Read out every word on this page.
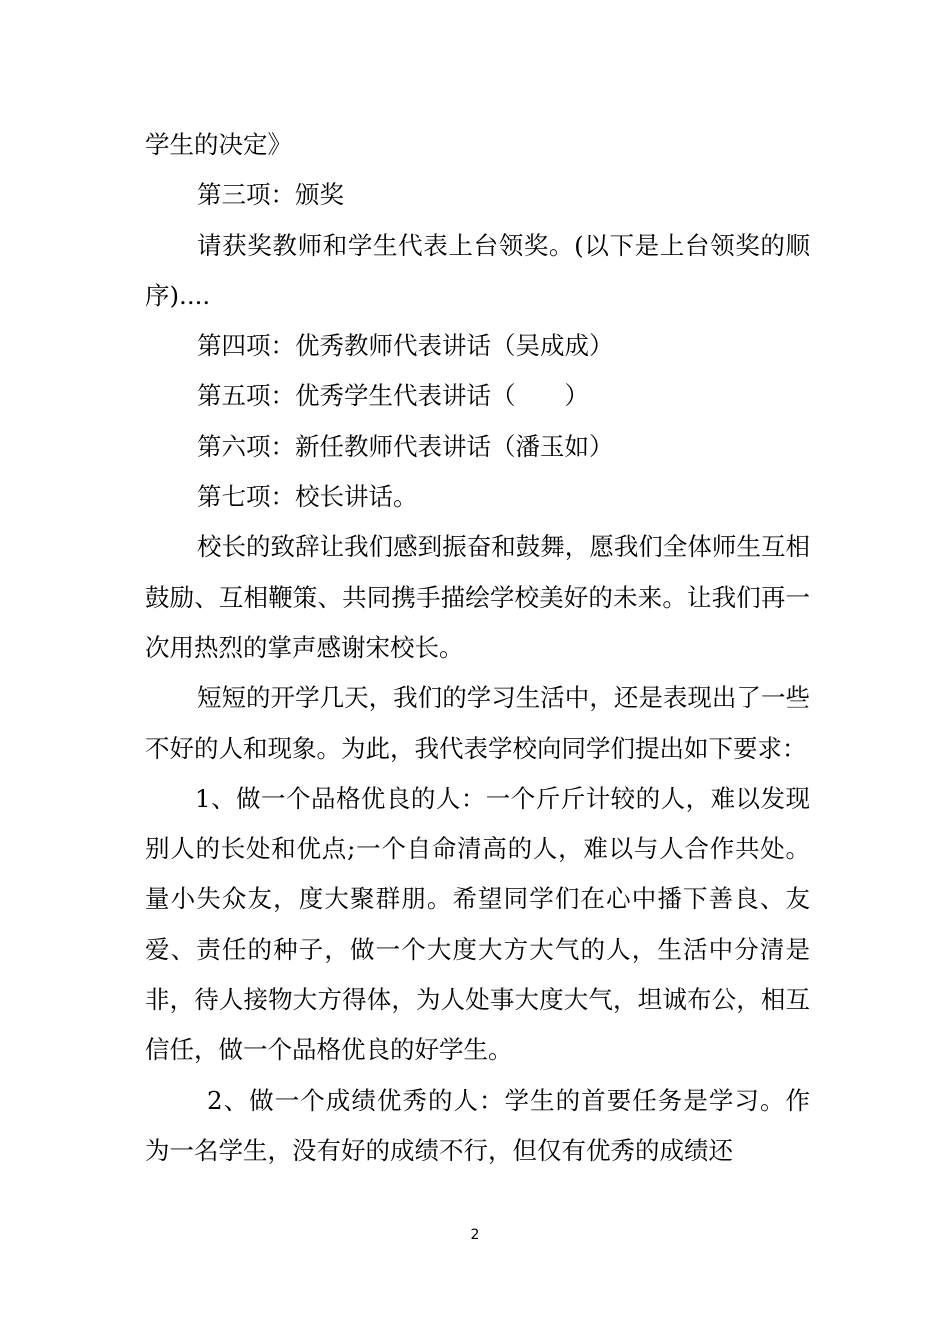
学生的决定》

第三项：颁奖

请获奖教师和学生代表上台领奖。(以下是上台领奖的顺序)....

第四项：优秀教师代表讲话（吴成成）

第五项：优秀学生代表讲话（　　）

第六项：新任教师代表讲话（潘玉如）

第七项：校长讲话。

校长的致辞让我们感到振奋和鼓舞，愿我们全体师生互相鼓励、互相鞭策、共同携手描绘学校美好的未来。让我们再一次用热烈的掌声感谢宋校长。

短短的开学几天，我们的学习生活中，还是表现出了一些不好的人和现象。为此，我代表学校向同学们提出如下要求：

1、做一个品格优良的人：一个斤斤计较的人，难以发现别人的长处和优点;一个自命清高的人，难以与人合作共处。量小失众友，度大聚群朋。希望同学们在心中播下善良、友爱、责任的种子，做一个大度大方大气的人，生活中分清是非，待人接物大方得体，为人处事大度大气，坦诚布公，相互信任，做一个品格优良的好学生。

2、做一个成绩优秀的人：学生的首要任务是学习。作为一名学生，没有好的成绩不行，但仅有优秀的成绩还

2
